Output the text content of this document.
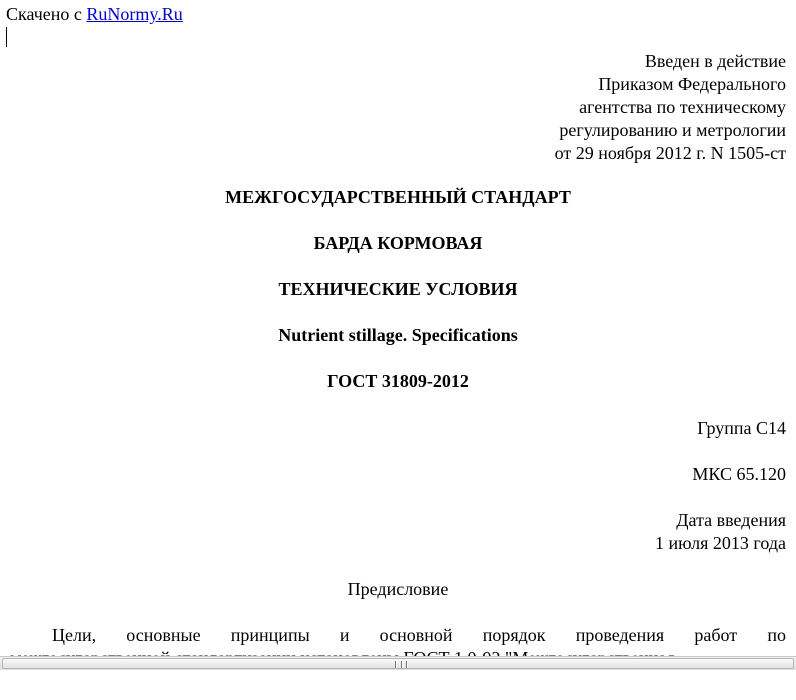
Скачено с RuNormy.Ru
Введен в действие
Приказом Федерального
агентства по техническому
регулированию и метрологии
от 29 ноября 2012 г. N 1505-ст
МЕЖГОСУДАРСТВЕННЫЙ СТАНДАРТ
БАРДА КОРМОВАЯ
ТЕХНИЧЕСКИЕ УСЛОВИЯ
Nutrient stillage. Specifications
ГОСТ 31809-2012
Группа С14
МКС 65.120
Дата введения
1 июля 2013 года
Предисловие
Цели, основные принципы и основной порядок проведения работ по
